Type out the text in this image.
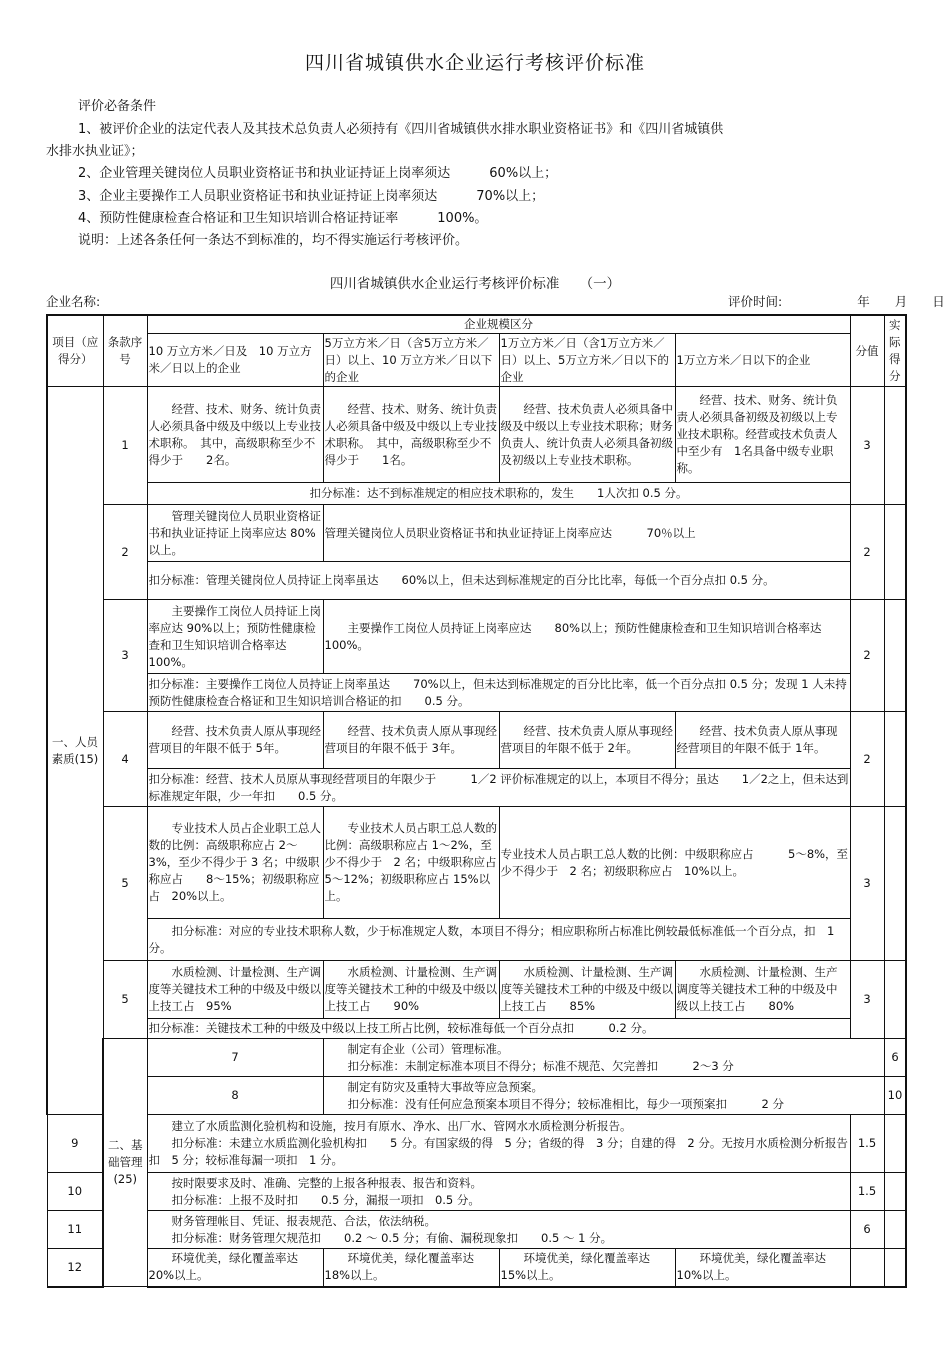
四川省城镇供水企业运行考核评价标准
评价必备条件
1、被评价企业的法定代表人及其技术总负责人必须持有《四川省城镇供水排水职业资格证书》和《四川省城镇供
水排水执业证》；
2、企业管理关键岗位人员职业资格证书和执业证持证上岗率须达　　　60%以上；
3、企业主要操作工人员职业资格证书和执业证持证上岗率须达　　　70%以上；
4、预防性健康检查合格证和卫生知识培训合格证持证率　　　100%。
说明：上述各条任何一条达不到标准的，均不得实施运行考核评价。
四川省城镇供水企业运行考核评价标准　　（一）
企业名称:	评价时间:　　　　　　年　　月　　日
项目（应得分）	条款序号	企业规模区分				分值	实际得分	
		10 万立方米／日及　10 万立方米／日以上的企业	5万立方米／日（含5万立方米／日）以上、10 万立方米／日以下的企业	1万立方米／日（含1万立方米／日）以上、5万立方米／日以下的企业	1万立方米／日以下的企业			
一、人员素质(15)	1	经营、技术、财务、统计负责人必须具备中级及中级以上专业技术职称。　其中，高级职称至少不得少于　　2名。	经营、技术、财务、统计负责人必须具备中级及中级以上专业技术职称。　其中，高级职称至少不得少于　　1名。	经营、技术负责人必须具备中级及中级以上专业技术职称；财务负责人、统计负责人必须具备初级及初级以上专业技术职称。	经营、技术、财务、统计负责人必须具备初级及初级以上专业技术职称。经营或技术负责人中至少有　1名具备中级专业职称。	3		
		扣分标准：达不到标准规定的相应技术职称的，发生　　1人次扣 0.5 分。						
	2	管理关键岗位人员职业资格证书和执业证持证上岗率应达 80%以上。	管理关键岗位人员职业资格证书和执业证持证上岗率应达　　　70％以上			2		
		扣分标准：管理关键岗位人员持证上岗率虽达　　60%以上，但未达到标准规定的百分比比率，每低一个百分点扣 0.5 分。						
	3	主要操作工岗位人员持证上岗率应达 90%以上；预防性健康检查和卫生知识培训合格率达 100%。	主要操作工岗位人员持证上岗率应达　　80%以上；预防性健康检查和卫生知识培训合格率达 100%。			2		
		扣分标准：主要操作工岗位人员持证上岗率虽达　　70%以上，但未达到标准规定的百分比比率，低一个百分点扣 0.5 分；发现 1 人未持预防性健康检查合格证和卫生知识培训合格证的扣　　0.5 分。						
	4	经营、技术负责人原从事现经营项目的年限不低于 5年。	经营、技术负责人原从事现经营项目的年限不低于 3年。	经营、技术负责人原从事现经营项目的年限不低于 2年。	经营、技术负责人原从事现经营项目的年限不低于 1年。	2		
		扣分标准：经营、技术人员原从事现经营项目的年限少于　　　1／2 评价标准规定的以上，本项目不得分；虽达　　1／2之上，但未达到标准规定年限，少一年扣　　0.5 分。						
	5	专业技术人员占企业职工总人数的比例：高级职称应占 2～3%，至少不得少于 3 名；中级职称应占　　8～15%；初级职称应占　20%以上。	专业技术人员占职工总人数的比例：高级职称应占 1～2%，至少不得少于　2 名；中级职称应占　5～12%；初级职称应占 15%以上。	专业技术人员占职工总人数的比例：中级职称应占　　　5～8%，至少不得少于　2 名；初级职称应占　10%以上。		3		
		扣分标准：对应的专业技术职称人数，少于标准规定人数，本项目不得分；相应职称所占标准比例较最低标准低一个百分点，扣　1 分。						
	5	水质检测、计量检测、生产调度等关键技术工种的中级及中级以上技工占　95%	水质检测、计量检测、生产调度等关键技术工种的中级及中级以上技工占　　90%	水质检测、计量检测、生产调度等关键技术工种的中级及中级以上技工占　　85%	水质检测、计量检测、生产调度等关键技术工种的中级及中级以上技工占　　80%	3		
		扣分标准：关键技术工种的中级及中级以上技工所占比例，较标准每低一个百分点扣　　　0.2 分。						
	二、基础管理(25)	7	制定有企业（公司）管理标准。
扣分标准：未制定标准本项目不得分；标准不规范、欠完善扣　　　2～3 分				6	
		8	制定有防灾及重特大事故等应急预案。
扣分标准：没有任何应急预案本项目不得分；较标准相比，每少一项预案扣　　　2 分				10	
9		建立了水质监测化验机构和设施，按月有原水、净水、出厂水、管网水水质检测分析报告。
扣分标准：未建立水质监测化验机构扣　　5 分。有国家级的得　5 分；省级的得　3 分；自建的得　2 分。无按月水质检测分析报告扣　5 分；较标准每漏一项扣　1 分。				1.5		
10		按时限要求及时、准确、完整的上报各种报表、报告和资料。
扣分标准：上报不及时扣　　0.5 分，漏报一项扣　0.5 分。				1.5		
11		财务管理帐目、凭证、报表规范、合法，依法纳税。
扣分标准：财务管理欠规范扣　　0.2 ～ 0.5 分；有偷、漏税现象扣　　0.5 ～ 1 分。				6		
12		环境优美，绿化覆盖率达 20%以上。	环境优美，绿化覆盖率达 18%以上。	环境优美，绿化覆盖率达 15%以上。	环境优美，绿化覆盖率达 10%以上。			
